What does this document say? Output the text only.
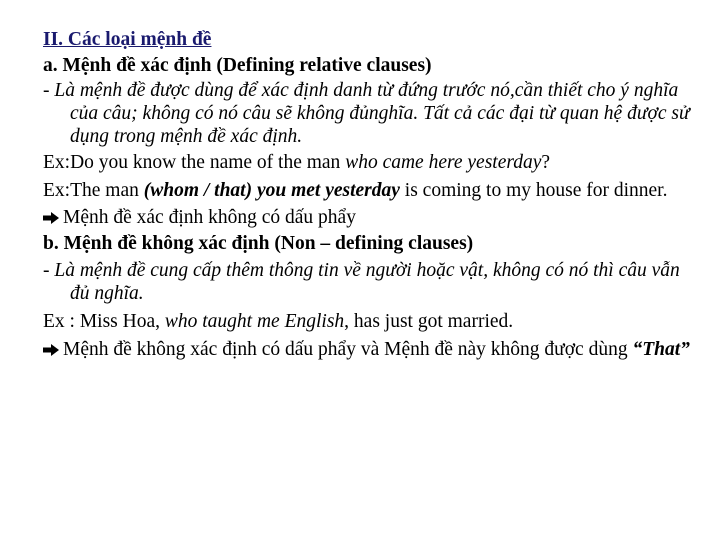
II. Các loại mệnh đề
a. Mệnh đề xác định (Defining relative clauses)
- Là mệnh đề được dùng để xác định danh từ đứng trước nó,cần thiết cho ý nghĩa của câu; không có nó câu sẽ không đủnghĩa. Tất cả các đại từ quan hệ được sử dụng trong mệnh đề xác định.
Ex:Do you know the name of the man who came here yesterday?
Ex:The man (whom / that) you met yesterday is coming to my house for dinner.
Mệnh đề xác định không có dấu phẩy
b. Mệnh đề không xác định (Non – defining clauses)
- Là mệnh đề cung cấp thêm thông tin về người hoặc vật, không có nó thì câu vẫn đủ nghĩa.
Ex : Miss Hoa, who taught me English, has just got married.
Mệnh đề không xác định có dấu phẩy và Mệnh đề này không được dùng “That”
